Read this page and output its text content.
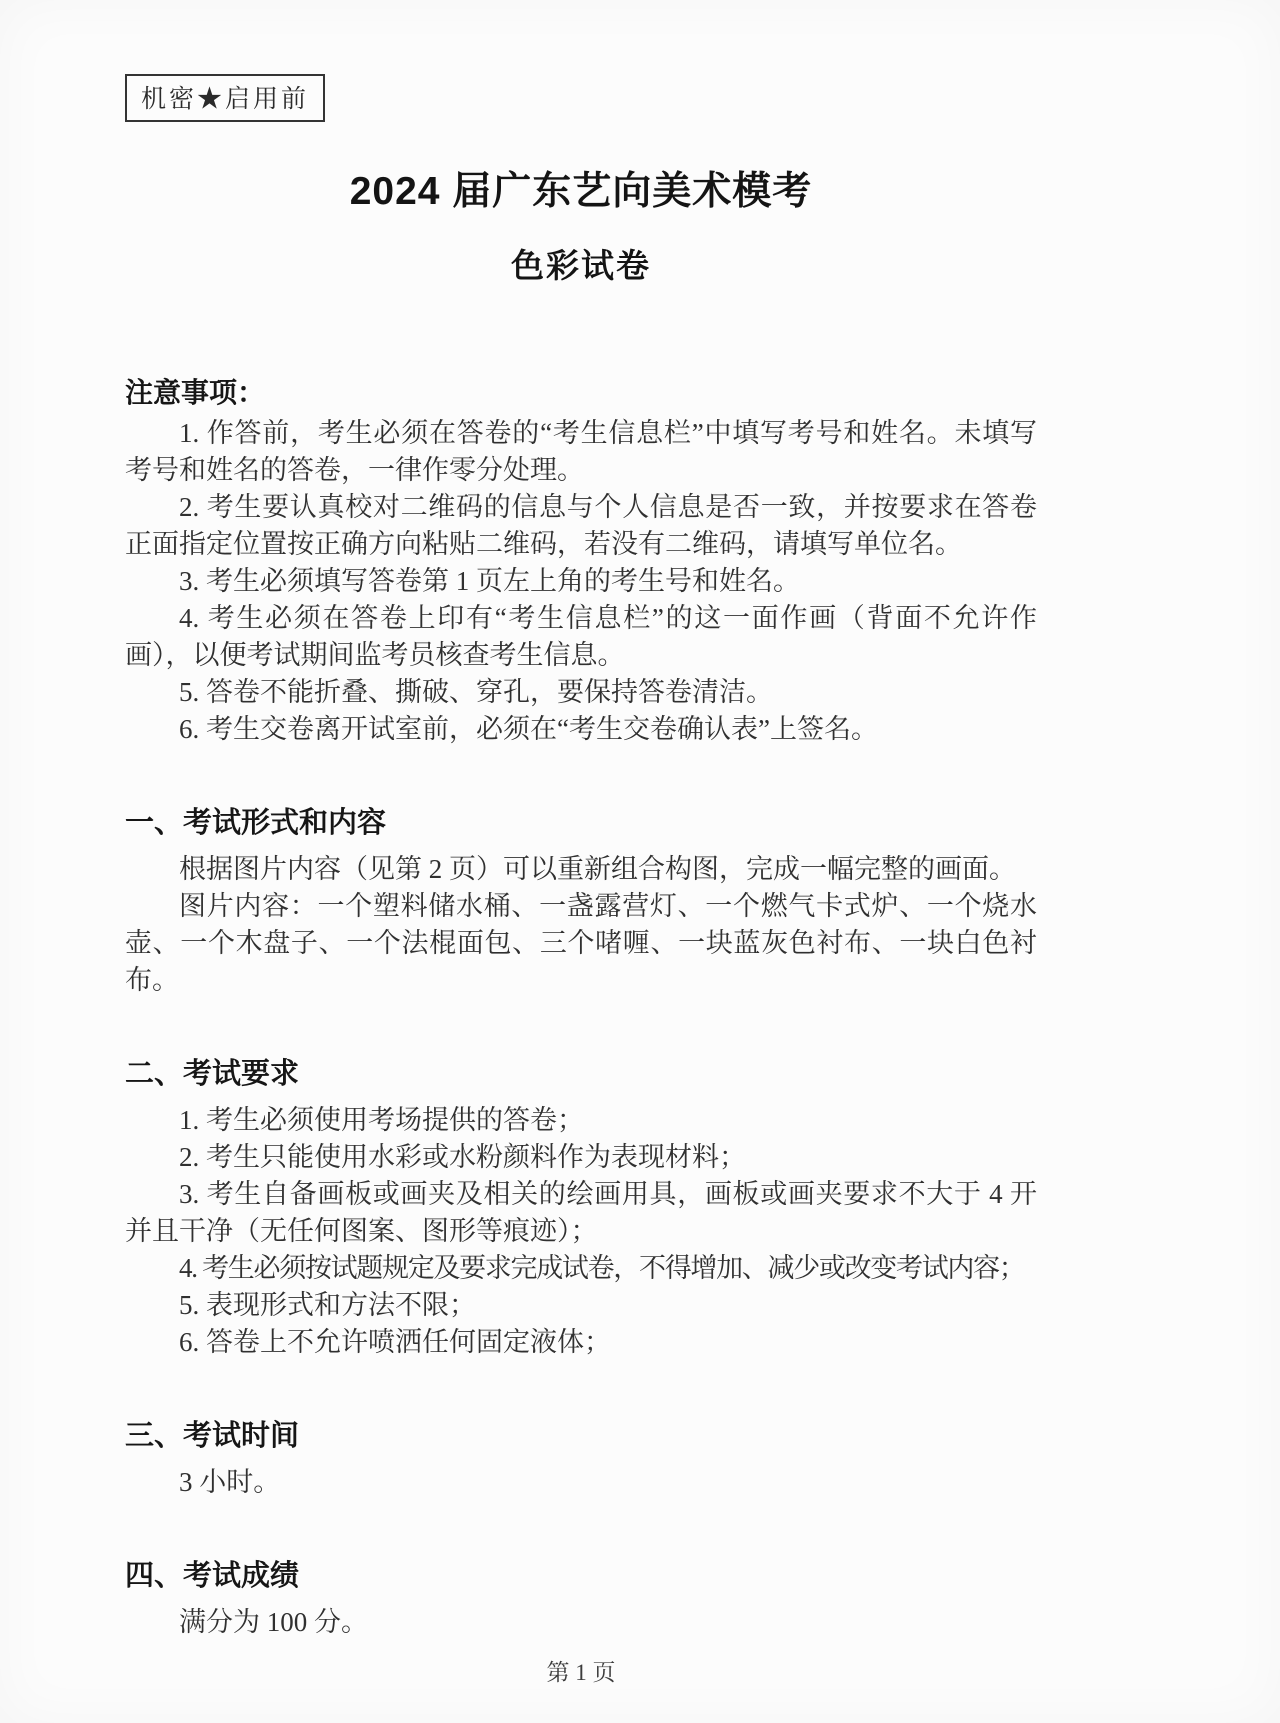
机密★启用前
2024 届广东艺向美术模考
色彩试卷
注意事项：

1. 作答前，考生必须在答卷的“考生信息栏”中填写考号和姓名。未填写考号和姓名的答卷，一律作零分处理。

2. 考生要认真校对二维码的信息与个人信息是否一致，并按要求在答卷正面指定位置按正确方向粘贴二维码，若没有二维码，请填写单位名。

3. 考生必须填写答卷第 1 页左上角的考生号和姓名。

4. 考生必须在答卷上印有“考生信息栏”的这一面作画（背面不允许作画），以便考试期间监考员核查考生信息。

5. 答卷不能折叠、撕破、穿孔，要保持答卷清洁。

6. 考生交卷离开试室前，必须在“考生交卷确认表”上签名。

一、考试形式和内容

根据图片内容（见第 2 页）可以重新组合构图，完成一幅完整的画面。

图片内容：一个塑料储水桶、一盏露营灯、一个燃气卡式炉、一个烧水壶、一个木盘子、一个法棍面包、三个啫喱、一块蓝灰色衬布、一块白色衬布。

二、考试要求

1. 考生必须使用考场提供的答卷；

2. 考生只能使用水彩或水粉颜料作为表现材料；

3. 考生自备画板或画夹及相关的绘画用具，画板或画夹要求不大于 4 开并且干净（无任何图案、图形等痕迹）；

4. 考生必须按试题规定及要求完成试卷，不得增加、减少或改变考试内容；

5. 表现形式和方法不限；

6. 答卷上不允许喷洒任何固定液体；

三、考试时间

3 小时。

四、考试成绩

满分为 100 分。

第 1 页
